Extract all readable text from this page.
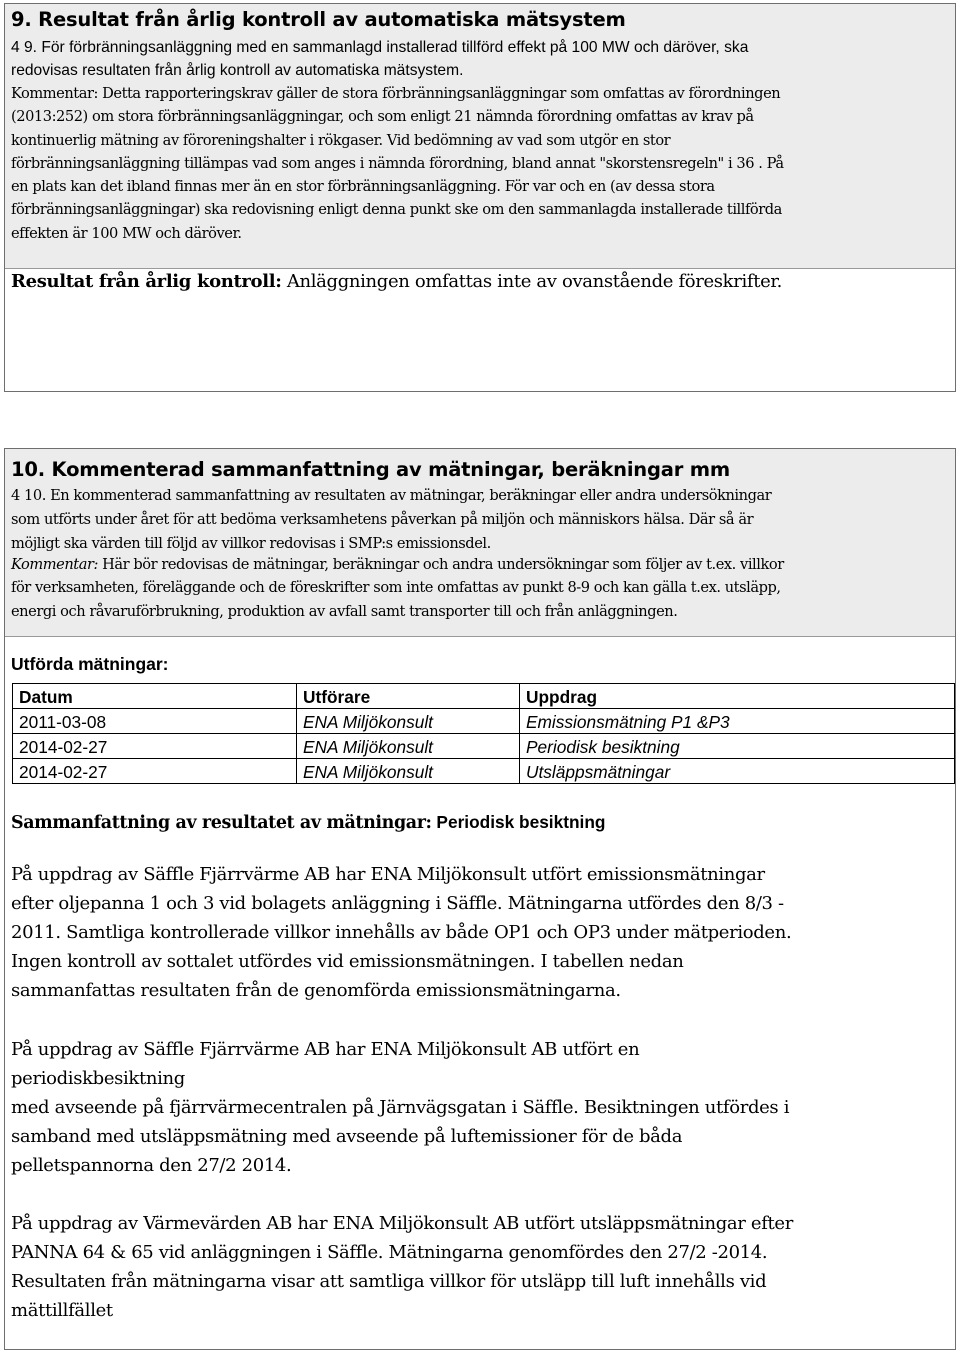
9. Resultat från årlig kontroll av automatiska mätsystem
4 9. För förbränningsanläggning med en sammanlagd installerad tillförd effekt på 100 MW och däröver, ska
redovisas resultaten från årlig kontroll av automatiska mätsystem.
Kommentar: Detta rapporteringskrav gäller de stora förbränningsanläggningar som omfattas av förordningen
(2013:252) om stora förbränningsanläggningar, och som enligt 21 nämnda förordning omfattas av krav på
kontinuerlig mätning av föroreningshalter i rökgaser. Vid bedömning av vad som utgör en stor
förbränningsanläggning tillämpas vad som anges i nämnda förordning, bland annat "skorstensregeln" i 36 . På
en plats kan det ibland finnas mer än en stor förbränningsanläggning. För var och en (av dessa stora
förbränningsanläggningar) ska redovisning enligt denna punkt ske om den sammanlagda installerade tillförda
effekten är 100 MW och däröver.
Resultat från årlig kontroll: Anläggningen omfattas inte av ovanstående föreskrifter.
10. Kommenterad sammanfattning av mätningar, beräkningar mm
4 10. En kommenterad sammanfattning av resultaten av mätningar, beräkningar eller andra undersökningar
som utförts under året för att bedöma verksamhetens påverkan på miljön och människors hälsa. Där så är
möjligt ska värden till följd av villkor redovisas i SMP:s emissionsdel.
Kommentar: Här bör redovisas de mätningar, beräkningar och andra undersökningar som följer av t.ex. villkor
för verksamheten, föreläggande och de föreskrifter som inte omfattas av punkt 8-9 och kan gälla t.ex. utsläpp,
energi och råvaruförbrukning, produktion av avfall samt transporter till och från anläggningen.
Utförda mätningar:
Datum	Utförare	Uppdrag
2011-03-08	ENA Miljökonsult	Emissionsmätning P1 &P3
2014-02-27	ENA Miljökonsult	Periodisk besiktning
2014-02-27	ENA Miljökonsult	Utsläppsmätningar
Sammanfattning av resultatet av mätningar: Periodisk besiktning
På uppdrag av Säffle Fjärrvärme AB har ENA Miljökonsult utfört emissionsmätningar
efter oljepanna 1 och 3 vid bolagets anläggning i Säffle. Mätningarna utfördes den 8/3 -
2011. Samtliga kontrollerade villkor innehålls av både OP1 och OP3 under mätperioden.
Ingen kontroll av sottalet utfördes vid emissionsmätningen. I tabellen nedan
sammanfattas resultaten från de genomförda emissionsmätningarna.
På uppdrag av Säffle Fjärrvärme AB har ENA Miljökonsult AB utfört en
periodiskbesiktning
med avseende på fjärrvärmecentralen på Järnvägsgatan i Säffle. Besiktningen utfördes i
samband med utsläppsmätning med avseende på luftemissioner för de båda
pelletspannorna den 27/2 2014.
På uppdrag av Värmevärden AB har ENA Miljökonsult AB utfört utsläppsmätningar efter
PANNA 64 & 65 vid anläggningen i Säffle. Mätningarna genomfördes den 27/2 -2014.
Resultaten från mätningarna visar att samtliga villkor för utsläpp till luft innehålls vid
mättillfället
